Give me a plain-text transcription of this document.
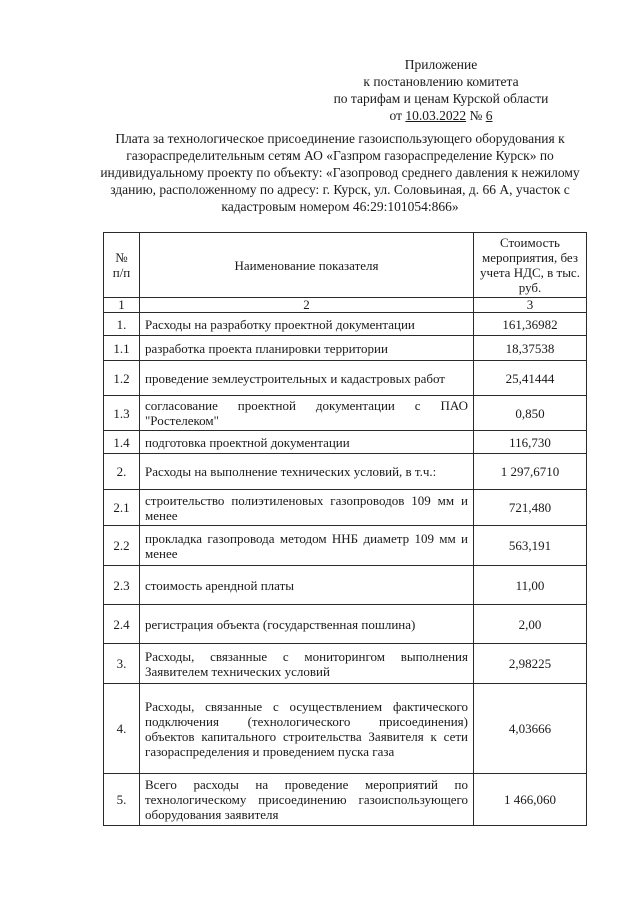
Приложение
к постановлению комитета
по тарифам и ценам Курской области
от 10.03.2022 № 6
Плата за технологическое присоединение газоиспользующего оборудования к газораспределительным сетям АО «Газпром газораспределение Курск» по индивидуальному проекту по объекту: «Газопровод среднего давления к нежилому зданию, расположенному по адресу: г. Курск, ул. Соловьиная, д. 66 А, участок с кадастровым номером 46:29:101054:866»
№ п/п	Наименование показателя	Стоимость мероприятия, без учета НДС, в тыс. руб.
1	2	3
1.	Расходы на разработку проектной документации	161,36982
1.1	разработка проекта планировки территории	18,37538
1.2	проведение землеустроительных и кадастровых работ	25,41444
1.3	согласование проектной документации с ПАО "Ростелеком"	0,850
1.4	подготовка проектной документации	116,730
2.	Расходы на выполнение технических условий, в т.ч.:	1 297,6710
2.1	строительство полиэтиленовых газопроводов 109 мм и менее	721,480
2.2	прокладка газопровода методом ННБ диаметр 109 мм и менее	563,191
2.3	стоимость арендной платы	11,00
2.4	регистрация объекта (государственная пошлина)	2,00
3.	Расходы, связанные с мониторингом выполнения Заявителем технических условий	2,98225
4.	Расходы, связанные с осуществлением фактического подключения (технологического присоединения) объектов капитального строительства Заявителя к сети газораспределения и проведением пуска газа	4,03666
5.	Всего расходы на проведение мероприятий по технологическому присоединению газоиспользующего оборудования заявителя	1 466,060
